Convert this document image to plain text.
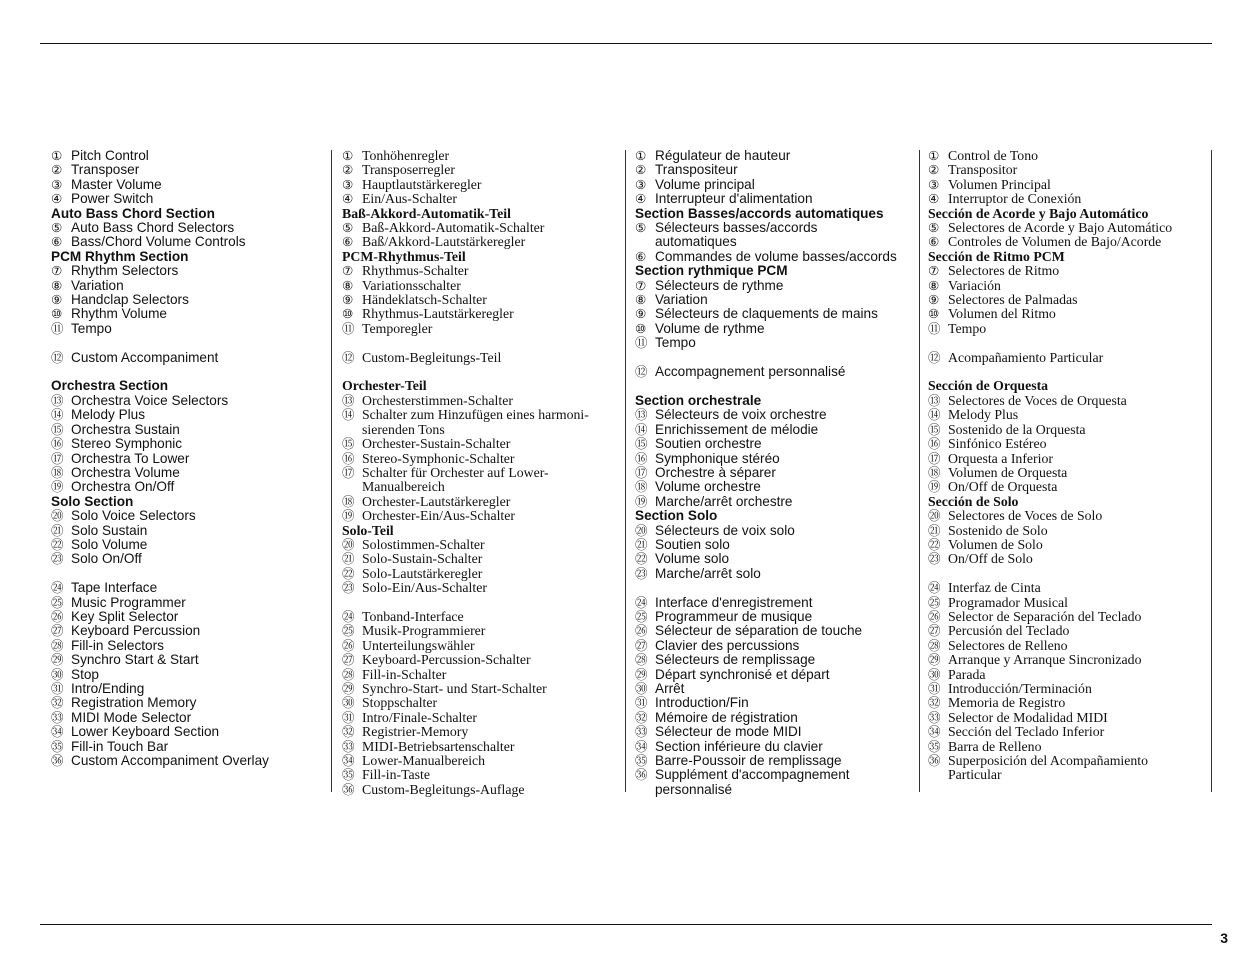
① Pitch Control
② Transposer
③ Master Volume
④ Power Switch
Auto Bass Chord Section
⑤ Auto Bass Chord Selectors
⑥ Bass/Chord Volume Controls
PCM Rhythm Section
⑦ Rhythm Selectors
⑧ Variation
⑨ Handclap Selectors
⑩ Rhythm Volume
⑪ Tempo
⑫ Custom Accompaniment
Orchestra Section
⑬ Orchestra Voice Selectors
⑭ Melody Plus
⑮ Orchestra Sustain
⑯ Stereo Symphonic
⑰ Orchestra To Lower
⑱ Orchestra Volume
⑲ Orchestra On/Off
Solo Section
⑳ Solo Voice Selectors
㉑ Solo Sustain
㉒ Solo Volume
㉓ Solo On/Off
㉔ Tape Interface
㉕ Music Programmer
㉖ Key Split Selector
㉗ Keyboard Percussion
㉘ Fill-in Selectors
㉙ Synchro Start & Start
㉚ Stop
㉛ Intro/Ending
㉜ Registration Memory
㉝ MIDI Mode Selector
㉞ Lower Keyboard Section
㉟ Fill-in Touch Bar
㊱ Custom Accompaniment Overlay
① Tonhöhenregler
② Transposerregler
③ Hauptlautstärkeregler
④ Ein/Aus-Schalter
Baß-Akkord-Automatik-Teil
⑤ Baß-Akkord-Automatik-Schalter
⑥ Baß/Akkord-Lautstärkeregler
PCM-Rhythmus-Teil
⑦ Rhythmus-Schalter
⑧ Variationsschalter
⑨ Händeklatsch-Schalter
⑩ Rhythmus-Lautstärkeregler
⑪ Temporegler
⑫ Custom-Begleitungs-Teil
Orchester-Teil
⑬ Orchesterstimmen-Schalter
⑭ Schalter zum Hinzufügen eines harmoni-
sierenden Tons
⑮ Orchester-Sustain-Schalter
⑯ Stereo-Symphonic-Schalter
⑰ Schalter für Orchester auf Lower-
Manualbereich
⑱ Orchester-Lautstärkeregler
⑲ Orchester-Ein/Aus-Schalter
Solo-Teil
⑳ Solostimmen-Schalter
㉑ Solo-Sustain-Schalter
㉒ Solo-Lautstärkeregler
㉓ Solo-Ein/Aus-Schalter
㉔ Tonband-Interface
㉕ Musik-Programmierer
㉖ Unterteilungswähler
㉗ Keyboard-Percussion-Schalter
㉘ Fill-in-Schalter
㉙ Synchro-Start- und Start-Schalter
㉚ Stoppschalter
㉛ Intro/Finale-Schalter
㉜ Registrier-Memory
㉝ MIDI-Betriebsartenschalter
㉞ Lower-Manualbereich
㉟ Fill-in-Taste
㊱ Custom-Begleitungs-Auflage
① Régulateur de hauteur
② Transpositeur
③ Volume principal
④ Interrupteur d'alimentation
Section Basses/accords automatiques
⑤ Sélecteurs basses/accords
automatiques
⑥ Commandes de volume basses/accords
Section rythmique PCM
⑦ Sélecteurs de rythme
⑧ Variation
⑨ Sélecteurs de claquements de mains
⑩ Volume de rythme
⑪ Tempo
⑫ Accompagnement personnalisé
Section orchestrale
⑬ Sélecteurs de voix orchestre
⑭ Enrichissement de mélodie
⑮ Soutien orchestre
⑯ Symphonique stéréo
⑰ Orchestre à séparer
⑱ Volume orchestre
⑲ Marche/arrêt orchestre
Section Solo
⑳ Sélecteurs de voix solo
㉑ Soutien solo
㉒ Volume solo
㉓ Marche/arrêt solo
㉔ Interface d'enregistrement
㉕ Programmeur de musique
㉖ Sélecteur de séparation de touche
㉗ Clavier des percussions
㉘ Sélecteurs de remplissage
㉙ Départ synchronisé et départ
㉚ Arrêt
㉛ Introduction/Fin
㉜ Mémoire de régistration
㉝ Sélecteur de mode MIDI
㉞ Section inférieure du clavier
㉟ Barre-Poussoir de remplissage
㊱ Supplément d'accompagnement
personnalisé
① Control de Tono
② Transpositor
③ Volumen Principal
④ Interruptor de Conexión
Sección de Acorde y Bajo Automático
⑤ Selectores de Acorde y Bajo Automático
⑥ Controles de Volumen de Bajo/Acorde
Sección de Ritmo PCM
⑦ Selectores de Ritmo
⑧ Variación
⑨ Selectores de Palmadas
⑩ Volumen del Ritmo
⑪ Tempo
⑫ Acompañamiento Particular
Sección de Orquesta
⑬ Selectores de Voces de Orquesta
⑭ Melody Plus
⑮ Sostenido de la Orquesta
⑯ Sinfónico Estéreo
⑰ Orquesta a Inferior
⑱ Volumen de Orquesta
⑲ On/Off de Orquesta
Sección de Solo
⑳ Selectores de Voces de Solo
㉑ Sostenido de Solo
㉒ Volumen de Solo
㉓ On/Off de Solo
㉔ Interfaz de Cinta
㉕ Programador Musical
㉖ Selector de Separación del Teclado
㉗ Percusión del Teclado
㉘ Selectores de Relleno
㉙ Arranque y Arranque Sincronizado
㉚ Parada
㉛ Introducción/Terminación
㉜ Memoria de Registro
㉝ Selector de Modalidad MIDI
㉞ Sección del Teclado Inferior
㉟ Barra de Relleno
㊱ Superposición del Acompañamiento
Particular
3
